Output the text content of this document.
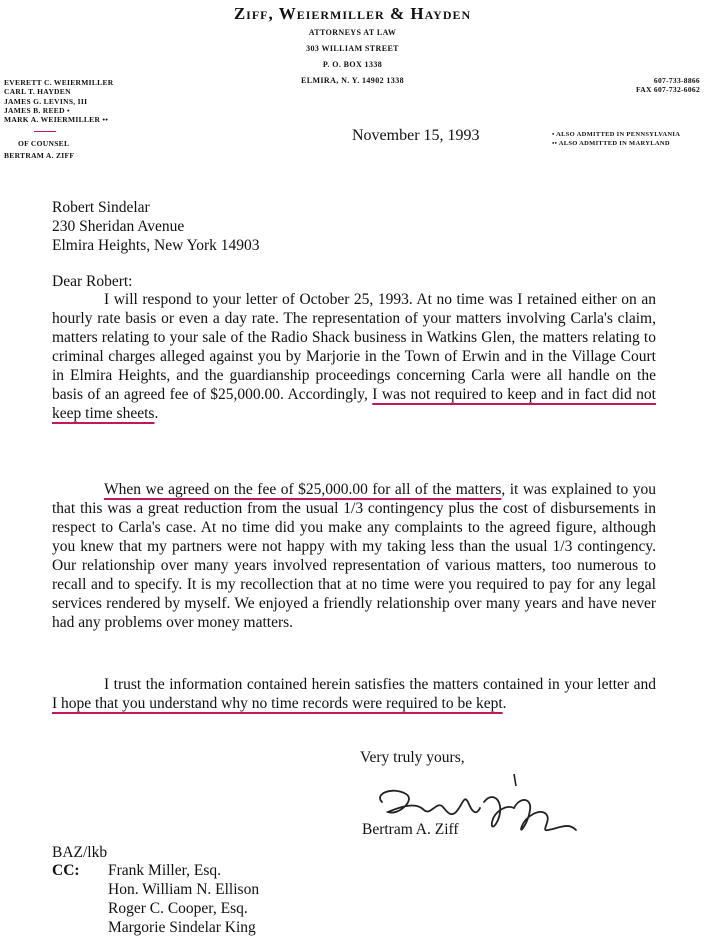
Ziff, Weiermiller & Hayden
ATTORNEYS AT LAW
303 WILLIAM STREET
P. O. BOX 1338
ELMIRA, N. Y. 14902 1338
EVERETT C. WEIERMILLER
CARL T. HAYDEN
JAMES G. LEVINS, III
JAMES B. REED •
MARK A. WEIERMILLER ••
OF COUNSEL
BERTRAM A. ZIFF
607-733-8866
FAX 607-732-6062
• ALSO ADMITTED IN PENNSYLVANIA
•• ALSO ADMITTED IN MARYLAND
November 15, 1993
Robert Sindelar
230 Sheridan Avenue
Elmira Heights, New York 14903
Dear Robert:
I will respond to your letter of October 25, 1993. At no time was I retained either on an hourly rate basis or even a day rate. The representation of your matters involving Carla's claim, matters relating to your sale of the Radio Shack business in Watkins Glen, the matters relating to criminal charges alleged against you by Marjorie in the Town of Erwin and in the Village Court in Elmira Heights, and the guardianship proceedings concerning Carla were all handle on the basis of an agreed fee of $25,000.00. Accordingly, I was not required to keep and in fact did not keep time sheets.
When we agreed on the fee of $25,000.00 for all of the matters, it was explained to you that this was a great reduction from the usual 1/3 contingency plus the cost of disbursements in respect to Carla's case. At no time did you make any complaints to the agreed figure, although you knew that my partners were not happy with my taking less than the usual 1/3 contingency. Our relationship over many years involved representation of various matters, too numerous to recall and to specify. It is my recollection that at no time were you required to pay for any legal services rendered by myself. We enjoyed a friendly relationship over many years and have never had any problems over money matters.
I trust the information contained herein satisfies the matters contained in your letter and I hope that you understand why no time records were required to be kept.
Very truly yours,
Bertram A. Ziff
BAZ/lkb
CC: Frank Miller, Esq.
Hon. William N. Ellison
Roger C. Cooper, Esq.
Margorie Sindelar King
